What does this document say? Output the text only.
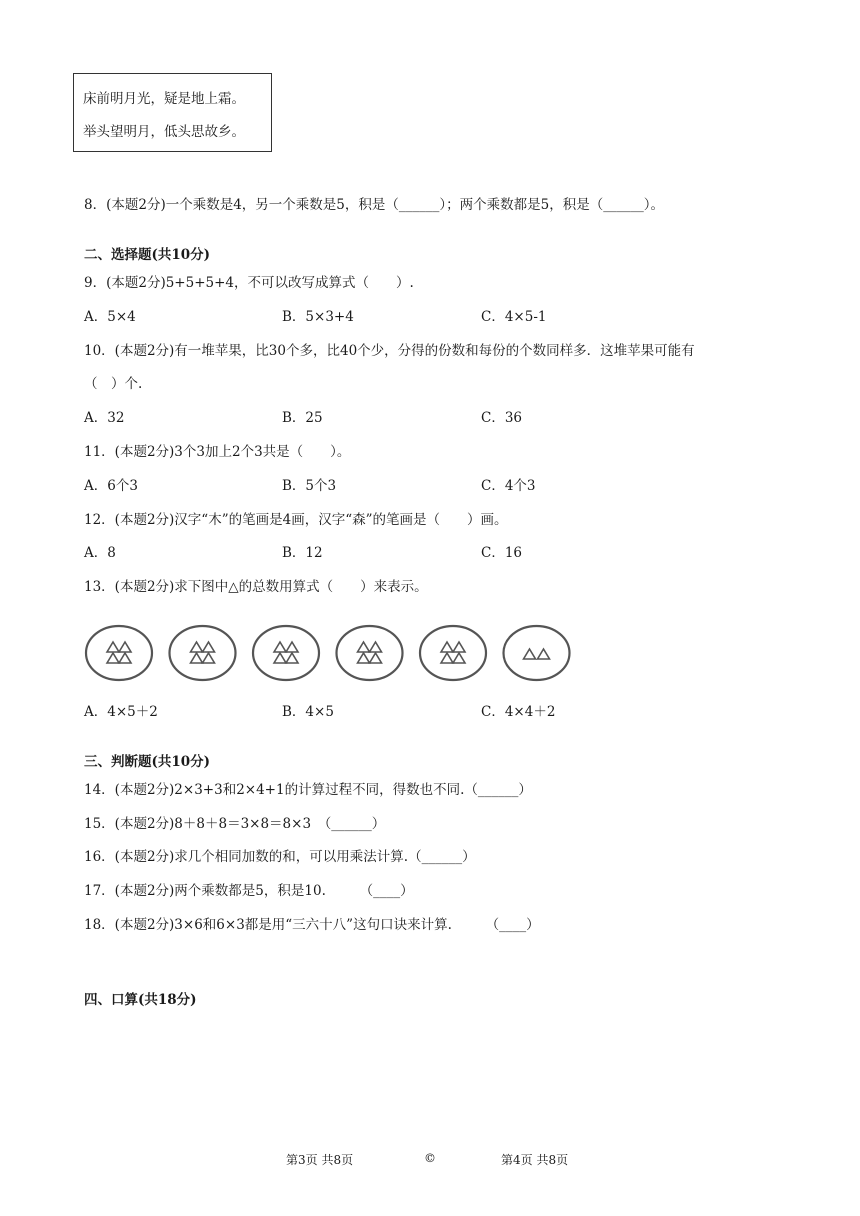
床前明月光，疑是地上霜。
举头望明月，低头思故乡。
8．(本题2分)一个乘数是4，另一个乘数是5，积是（______）；两个乘数都是5，积是（______）。
二、选择题(共10分)
9．(本题2分)5+5+5+4，不可以改写成算式（　　）.
A．5×4	B．5×3+4	C．4×5-1
10．(本题2分)有一堆苹果，比30个多，比40个少，分得的份数和每份的个数同样多．这堆苹果可能有
（　）个.
A．32	B．25	C．36
11．(本题2分)3个3加上2个3共是（　　）。
A．6个3	B．5个3	C．4个3
12．(本题2分)汉字“木”的笔画是4画，汉字“森”的笔画是（　　）画。
A．8	B．12	C．16
13．(本题2分)求下图中△的总数用算式（　　）来表示。
A．4×5＋2	B．4×5	C．4×4＋2
三、判断题(共10分)
14．(本题2分)2×3+3和2×4+1的计算过程不同，得数也不同.（______）
15．(本题2分)8＋8＋8＝3×8＝8×3　（______）
16．(本题2分)求几个相同加数的和，可以用乘法计算.（______）
17．(本题2分)两个乘数都是5，积是10.　　　（____）
18．(本题2分)3×6和6×3都是用“三六十八”这句口诀来计算.　　　（____）
四、口算(共18分)
第3页 共8页	©	第4页 共8页
